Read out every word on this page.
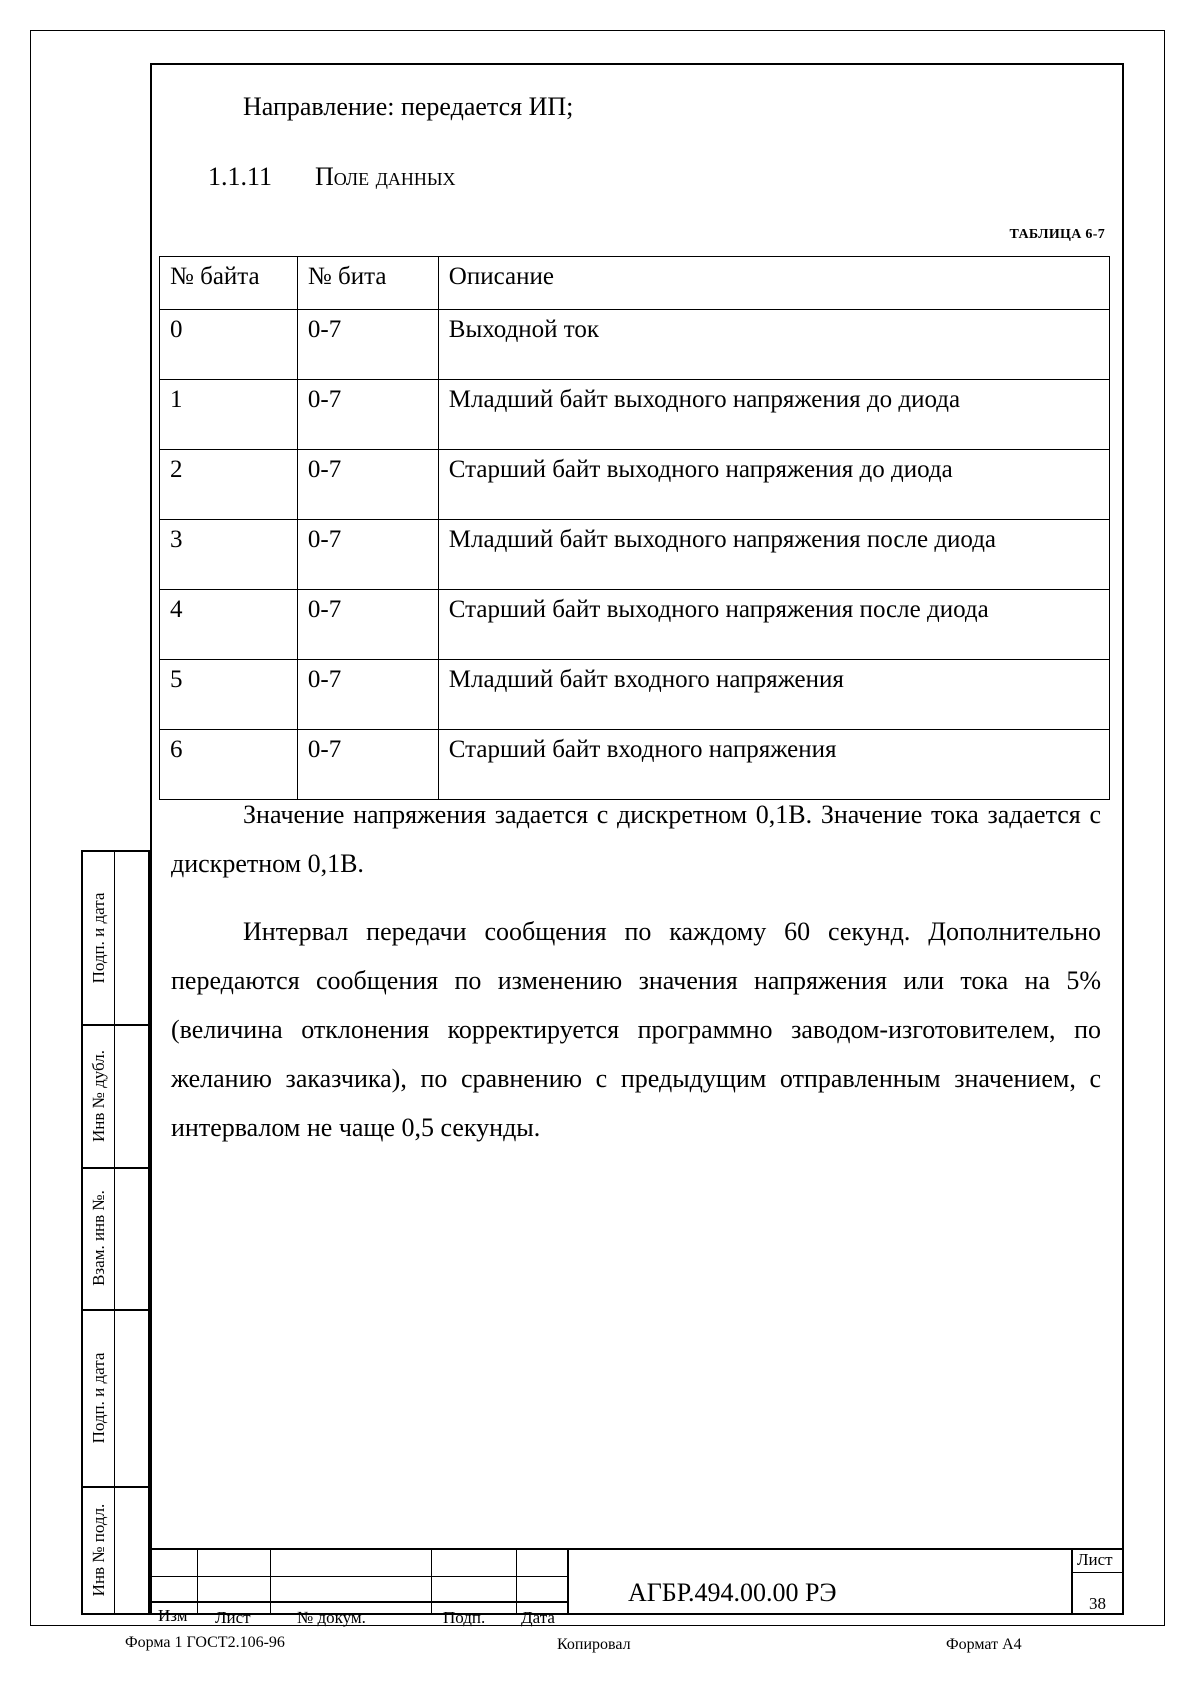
Направление: передается ИП;
1.1.11 Поле данных
ТАБЛИЦА 6-7
№ байта	№ бита	Описание
0	0-7	Выходной ток
1	0-7	Младший байт выходного напряжения до диода
2	0-7	Старший байт выходного напряжения до диода
3	0-7	Младший байт выходного напряжения после диода
4	0-7	Старший байт выходного напряжения после диода
5	0-7	Младший байт входного напряжения
6	0-7	Старший байт входного напряжения
Значение напряжения задается с дискретном 0,1В. Значение тока задается с дискретном 0,1В.
Интервал передачи сообщения по каждому 60 секунд. Дополнительно передаются сообщения по изменению значения напряжения или тока на 5% (величина отклонения корректируется программно заводом-изготовителем, по желанию заказчика), по сравнению с предыдущим отправленным значением, с интервалом не чаще 0,5 секунды.
Подп. и дата
Инв № дубл.
Взам. инв №.
Подп. и дата
Инв № подл.
Изм Лист	№ докум.	Подп. Дата
АГБР.494.00.00 РЭ
Лист
38
Форма 1 ГОСТ2.106-96	Копировал	Формат А4
